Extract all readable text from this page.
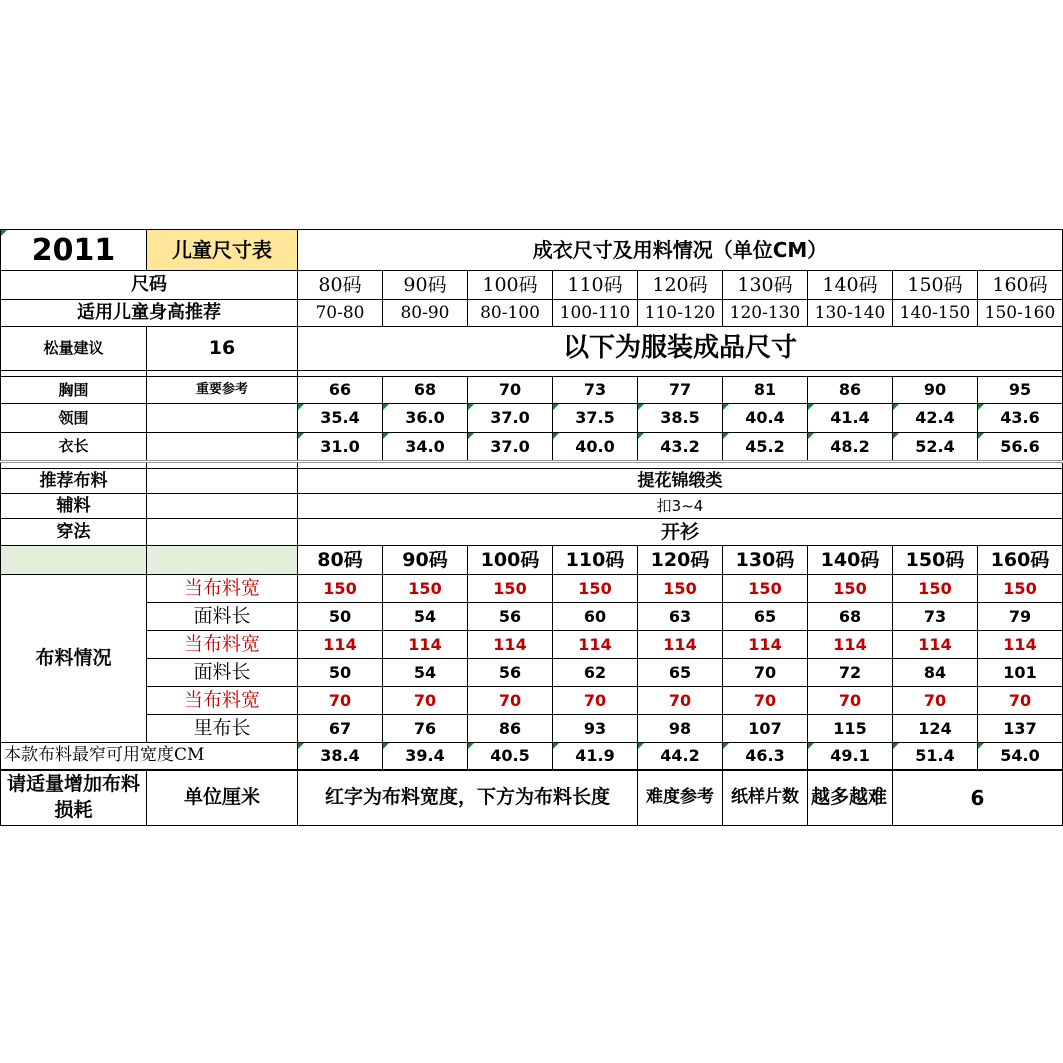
2011	儿童尺寸表	成衣尺寸及用料情况（单位CM）								
尺码		80码	90码	100码	110码	120码	130码	140码	150码	160码
适用儿童身高推荐		70-80	80-90	80-100	100-110	110-120	120-130	130-140	140-150	150-160
松量建议	16	以下为服装成品尺寸								

胸围	重要参考	66	68	70	73	77	81	86	90	95
领围		35.4	36.0	37.0	37.5	38.5	40.4	41.4	42.4	43.6
衣长		31.0	34.0	37.0	40.0	43.2	45.2	48.2	52.4	56.6

推荐布料		提花锦缎类								
辅料		扣3~4								
穿法		开衫								
		80码	90码	100码	110码	120码	130码	140码	150码	160码
布料情况	当布料宽	150	150	150	150	150	150	150	150	150
	面料长	50	54	56	60	63	65	68	73	79
	当布料宽	114	114	114	114	114	114	114	114	114
	面料长	50	54	56	62	65	70	72	84	101
	当布料宽	70	70	70	70	70	70	70	70	70
	里布长	67	76	86	93	98	107	115	124	137
本款布料最窄可用宽度CM		38.4	39.4	40.5	41.9	44.2	46.3	49.1	51.4	54.0
请适量增加布料损耗	单位厘米	红字为布料宽度，下方为布料长度				难度参考	纸样片数	越多越难	6	
